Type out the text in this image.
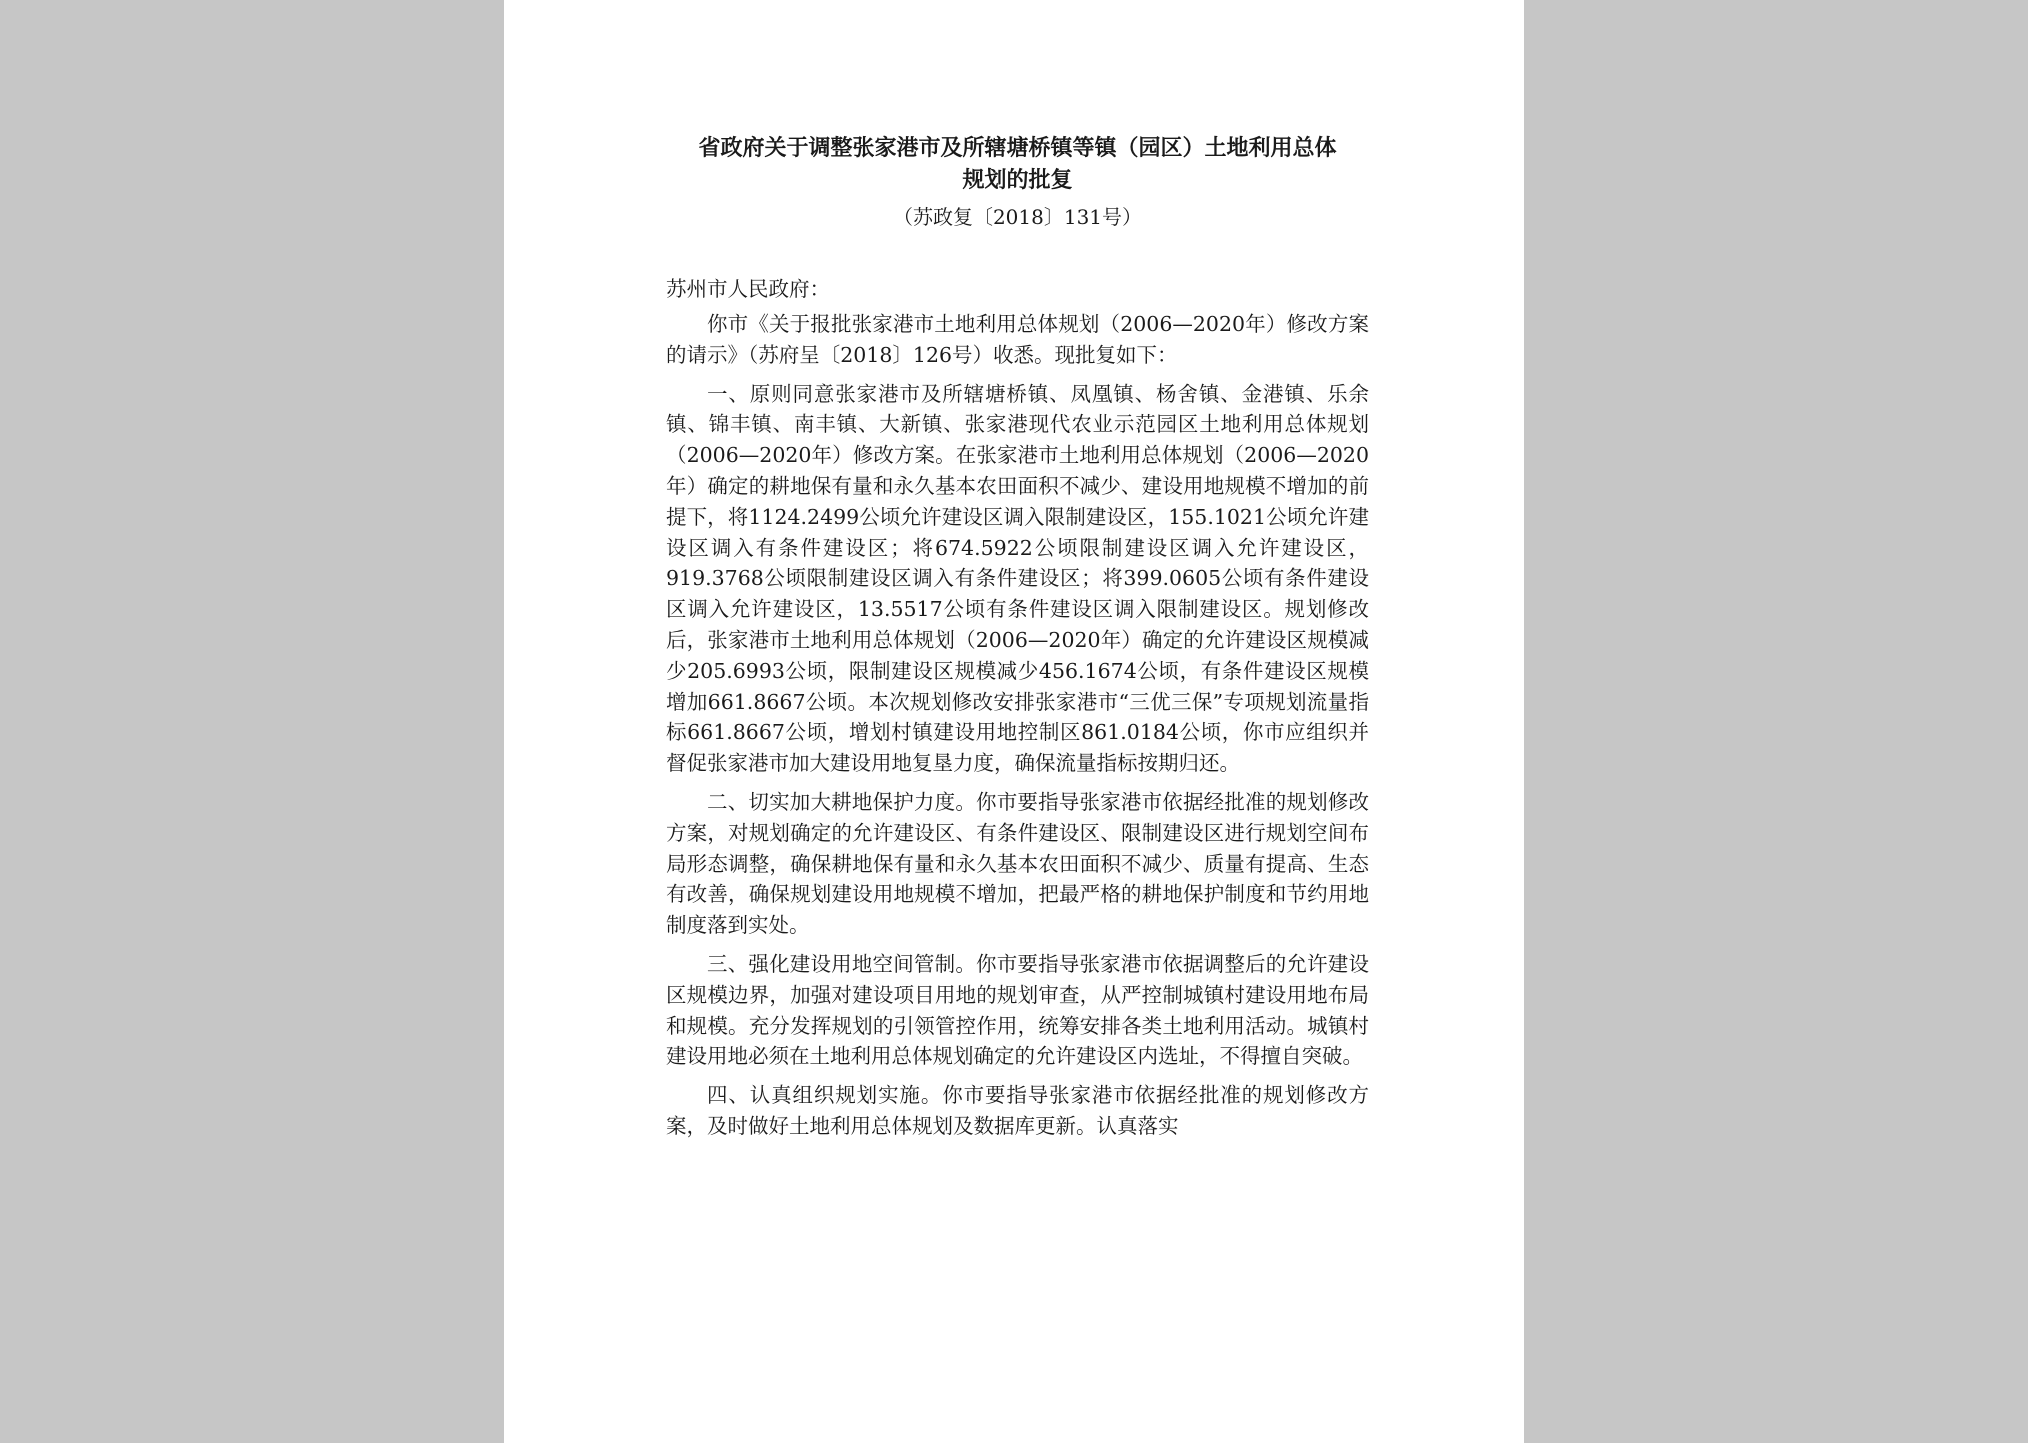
省政府关于调整张家港市及所辖塘桥镇等镇（园区）土地利用总体
规划的批复
（苏政复〔2018〕131号）
苏州市人民政府：

你市《关于报批张家港市土地利用总体规划（2006—2020年）修改方案的请示》（苏府呈〔2018〕126号）收悉。现批复如下：

一、原则同意张家港市及所辖塘桥镇、凤凰镇、杨舍镇、金港镇、乐余镇、锦丰镇、南丰镇、大新镇、张家港现代农业示范园区土地利用总体规划（2006—2020年）修改方案。在张家港市土地利用总体规划（2006—2020年）确定的耕地保有量和永久基本农田面积不减少、建设用地规模不增加的前提下，将1124.2499公顷允许建设区调入限制建设区，155.1021公顷允许建设区调入有条件建设区；将674.5922公顷限制建设区调入允许建设区，919.3768公顷限制建设区调入有条件建设区；将399.0605公顷有条件建设区调入允许建设区，13.5517公顷有条件建设区调入限制建设区。规划修改后，张家港市土地利用总体规划（2006—2020年）确定的允许建设区规模减少205.6993公顷，限制建设区规模减少456.1674公顷，有条件建设区规模增加661.8667公顷。本次规划修改安排张家港市“三优三保”专项规划流量指标661.8667公顷，增划村镇建设用地控制区861.0184公顷，你市应组织并督促张家港市加大建设用地复垦力度，确保流量指标按期归还。

二、切实加大耕地保护力度。你市要指导张家港市依据经批准的规划修改方案，对规划确定的允许建设区、有条件建设区、限制建设区进行规划空间布局形态调整，确保耕地保有量和永久基本农田面积不减少、质量有提高、生态有改善，确保规划建设用地规模不增加，把最严格的耕地保护制度和节约用地制度落到实处。

三、强化建设用地空间管制。你市要指导张家港市依据调整后的允许建设区规模边界，加强对建设项目用地的规划审查，从严控制城镇村建设用地布局和规模。充分发挥规划的引领管控作用，统筹安排各类土地利用活动。城镇村建设用地必须在土地利用总体规划确定的允许建设区内选址，不得擅自突破。

四、认真组织规划实施。你市要指导张家港市依据经批准的规划修改方案，及时做好土地利用总体规划及数据库更新。认真落实
